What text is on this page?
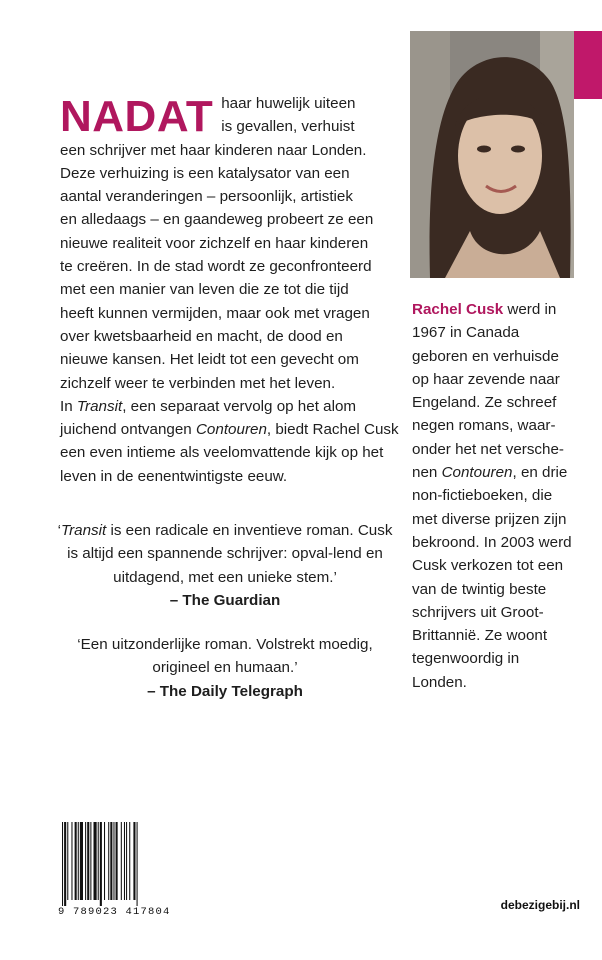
NADAT haar huwelijk uiteen
is gevallen, verhuist
een schrijver met haar kinderen naar Londen.
Deze verhuizing is een katalysator van een
aantal veranderingen – persoonlijk, artistiek
en alledaags – en gaandeweg probeert ze een
nieuwe realiteit voor zichzelf en haar kinderen
te creëren. In de stad wordt ze geconfronteerd
met een manier van leven die ze tot die tijd
heeft kunnen vermijden, maar ook met vragen
over kwetsbaarheid en macht, de dood en
nieuwe kansen. Het leidt tot een gevecht om
zichzelf weer te verbinden met het leven.

In Transit, een separaat vervolg op het alom juichend ontvangen Contouren, biedt Rachel Cusk een even intieme als veelomvattende kijk op het leven in de eenentwintigste eeuw.

‘Transit is een radicale en inventieve roman. Cusk is altijd een spannende schrijver: opval-lend en uitdagend, met een unieke stem.’
– The Guardian
‘Een uitzonderlijke roman. Volstrekt moedig, origineel en humaan.’
– The Daily Telegraph
Rachel Cusk werd in 1967 in Canada geboren en verhuisde op haar zevende naar Engeland. Ze schreef negen romans, waar-onder het net versche-nen Contouren, en drie non-fictieboeken, die met diverse prijzen zijn bekroond. In 2003 werd Cusk verkozen tot een van de twintig beste schrijvers uit Groot-Brittannië. Ze woont tegenwoordig in Londen.
9 789023 417804	debezigebij.nl
